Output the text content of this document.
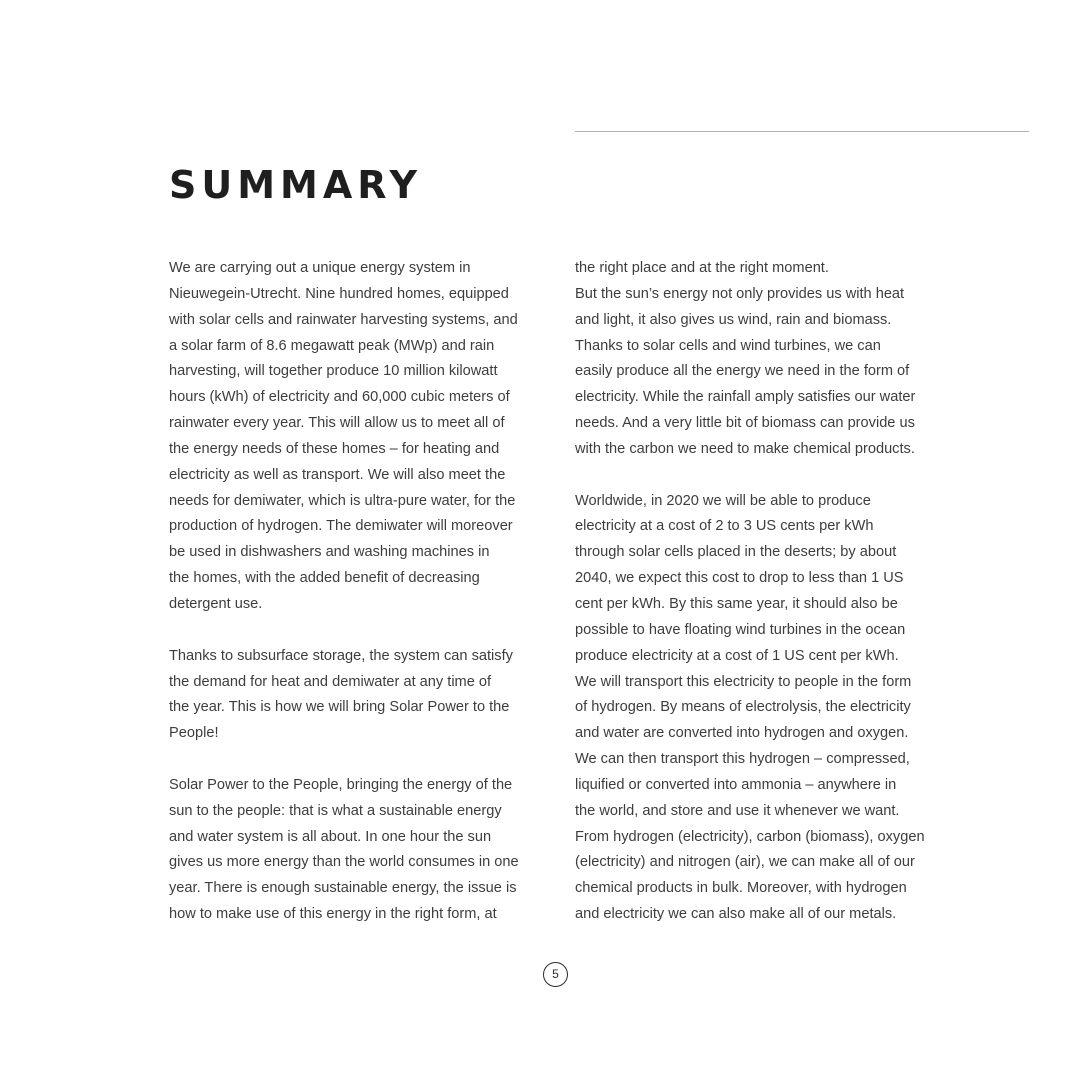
SUMMARY

We are carrying out a unique energy system in
Nieuwegein-Utrecht. Nine hundred homes, equipped
with solar cells and rainwater harvesting systems, and
a solar farm of 8.6 megawatt peak (MWp) and rain
harvesting, will together produce 10 million kilowatt
hours (kWh) of electricity and 60,000 cubic meters of
rainwater every year. This will allow us to meet all of
the energy needs of these homes – for heating and
electricity as well as transport. We will also meet the
needs for demiwater, which is ultra-pure water, for the
production of hydrogen. The demiwater will moreover
be used in dishwashers and washing machines in
the homes, with the added benefit of decreasing
detergent use.

Thanks to subsurface storage, the system can satisfy
the demand for heat and demiwater at any time of
the year. This is how we will bring Solar Power to the
People!

Solar Power to the People, bringing the energy of the
sun to the people: that is what a sustainable energy
and water system is all about. In one hour the sun
gives us more energy than the world consumes in one
year. There is enough sustainable energy, the issue is
how to make use of this energy in the right form, at

the right place and at the right moment.
But the sun’s energy not only provides us with heat
and light, it also gives us wind, rain and biomass.
Thanks to solar cells and wind turbines, we can
easily produce all the energy we need in the form of
electricity. While the rainfall amply satisfies our water
needs. And a very little bit of biomass can provide us
with the carbon we need to make chemical products.

Worldwide, in 2020 we will be able to produce
electricity at a cost of 2 to 3 US cents per kWh
through solar cells placed in the deserts; by about
2040, we expect this cost to drop to less than 1 US
cent per kWh. By this same year, it should also be
possible to have floating wind turbines in the ocean
produce electricity at a cost of 1 US cent per kWh.
We will transport this electricity to people in the form
of hydrogen. By means of electrolysis, the electricity
and water are converted into hydrogen and oxygen.
We can then transport this hydrogen – compressed,
liquified or converted into ammonia – anywhere in
the world, and store and use it whenever we want.
From hydrogen (electricity), carbon (biomass), oxygen
(electricity) and nitrogen (air), we can make all of our
chemical products in bulk. Moreover, with hydrogen
and electricity we can also make all of our metals.

5
